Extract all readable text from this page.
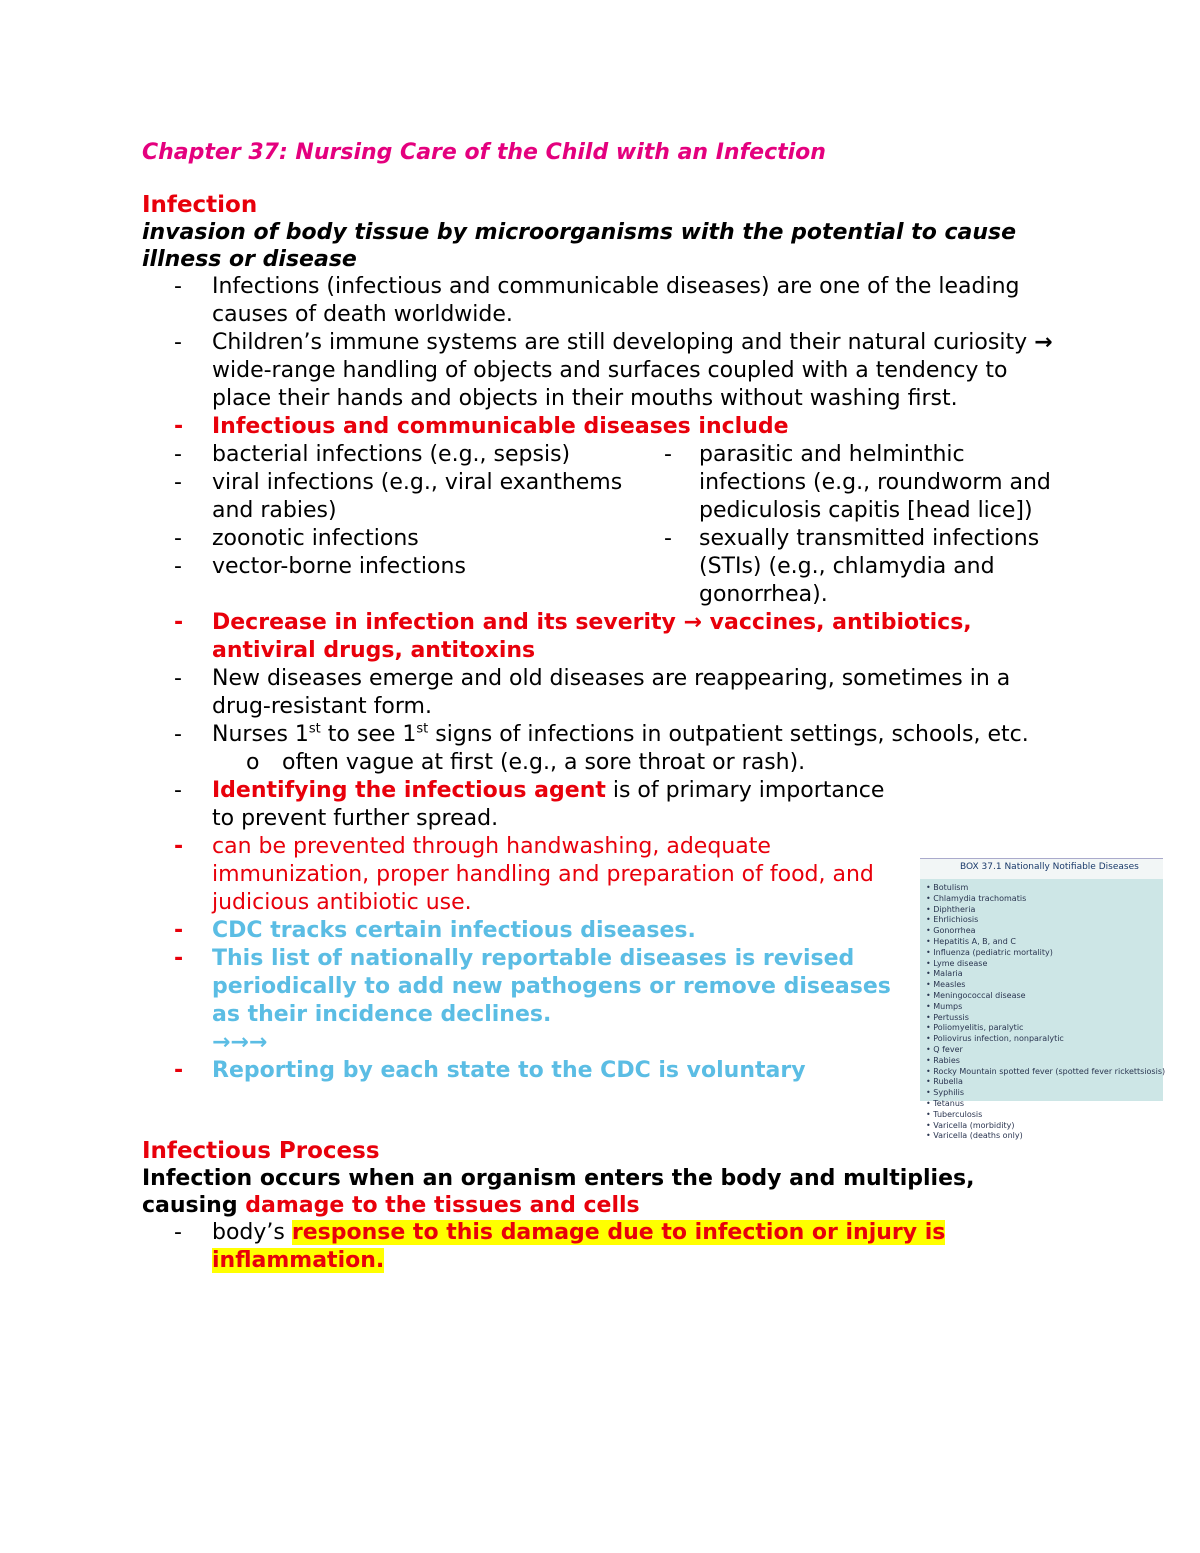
Chapter 37: Nursing Care of the Child with an Infection
Infection
invasion of body tissue by microorganisms with the potential to cause illness or disease
- Infections (infectious and communicable diseases) are one of the leading causes of death worldwide.
- Children’s immune systems are still developing and their natural curiosity → wide-range handling of objects and surfaces coupled with a tendency to place their hands and objects in their mouths without washing first.
- Infectious and communicable diseases include
- bacterial infections (e.g., sepsis)
- viral infections (e.g., viral exanthems and rabies)
- zoonotic infections
- vector-borne infections
- parasitic and helminthic infections (e.g., roundworm and pediculosis capitis [head lice])
- sexually transmitted infections (STIs) (e.g., chlamydia and gonorrhea).
- Decrease in infection and its severity → vaccines, antibiotics, antiviral drugs, antitoxins
- New diseases emerge and old diseases are reappearing, sometimes in a drug-resistant form.
- Nurses 1st to see 1st signs of infections in outpatient settings, schools, etc.
o often vague at first (e.g., a sore throat or rash).
- Identifying the infectious agent is of primary importance to prevent further spread.
- can be prevented through handwashing, adequate immunization, proper handling and preparation of food, and judicious antibiotic use.
- CDC tracks certain infectious diseases.
- This list of nationally reportable diseases is revised periodically to add new pathogens or remove diseases as their incidence declines.
→→→
- Reporting by each state to the CDC is voluntary
Infectious Process
Infection occurs when an organism enters the body and multiplies, causing damage to the tissues and cells
- body’s response to this damage due to infection or injury is inflammation.
BOX 37.1 Nationally Notifiable Diseases
• Botulism
• Chlamydia trachomatis
• Diphtheria
• Ehrlichiosis
• Gonorrhea
• Hepatitis A, B, and C
• Influenza (pediatric mortality)
• Lyme disease
• Malaria
• Measles
• Meningococcal disease
• Mumps
• Pertussis
• Poliomyelitis, paralytic
• Poliovirus infection, nonparalytic
• Q fever
• Rabies
• Rocky Mountain spotted fever (spotted fever rickettsiosis)
• Rubella
• Syphilis
• Tetanus
• Tuberculosis
• Varicella (morbidity)
• Varicella (deaths only)
